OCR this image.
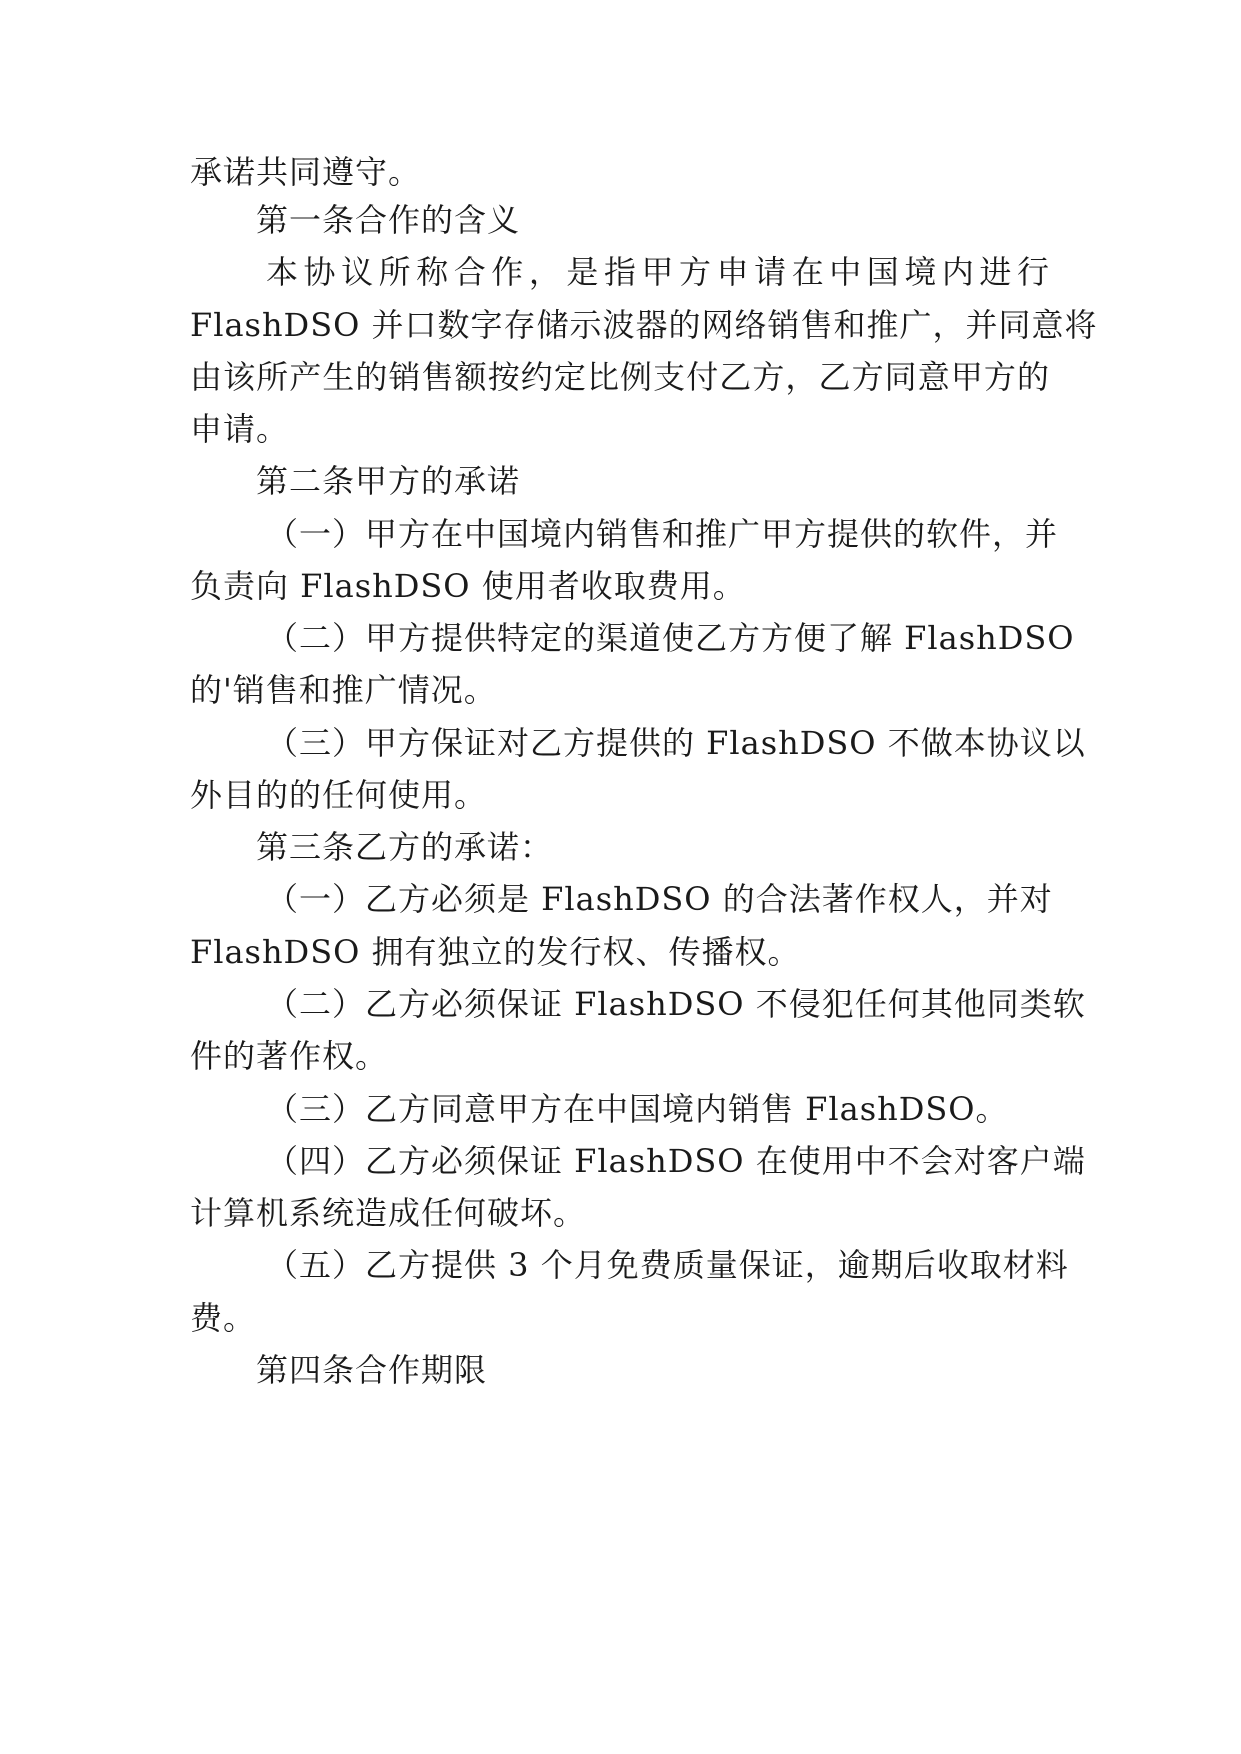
承诺共同遵守。
第一条合作的含义
本协议所称合作，是指甲方申请在中国境内进行
FlashDSO 并口数字存储示波器的网络销售和推广，并同意将
由该所产生的销售额按约定比例支付乙方，乙方同意甲方的
申请。
第二条甲方的承诺
（一）甲方在中国境内销售和推广甲方提供的软件，并
负责向 FlashDSO 使用者收取费用。
（二）甲方提供特定的渠道使乙方方便了解 FlashDSO
的'销售和推广情况。
（三）甲方保证对乙方提供的 FlashDSO 不做本协议以
外目的的任何使用。
第三条乙方的承诺：
（一）乙方必须是 FlashDSO 的合法著作权人，并对
FlashDSO 拥有独立的发行权、传播权。
（二）乙方必须保证 FlashDSO 不侵犯任何其他同类软
件的著作权。
（三）乙方同意甲方在中国境内销售 FlashDSO。
（四）乙方必须保证 FlashDSO 在使用中不会对客户端
计算机系统造成任何破坏。
（五）乙方提供 3 个月免费质量保证，逾期后收取材料
费。
第四条合作期限
